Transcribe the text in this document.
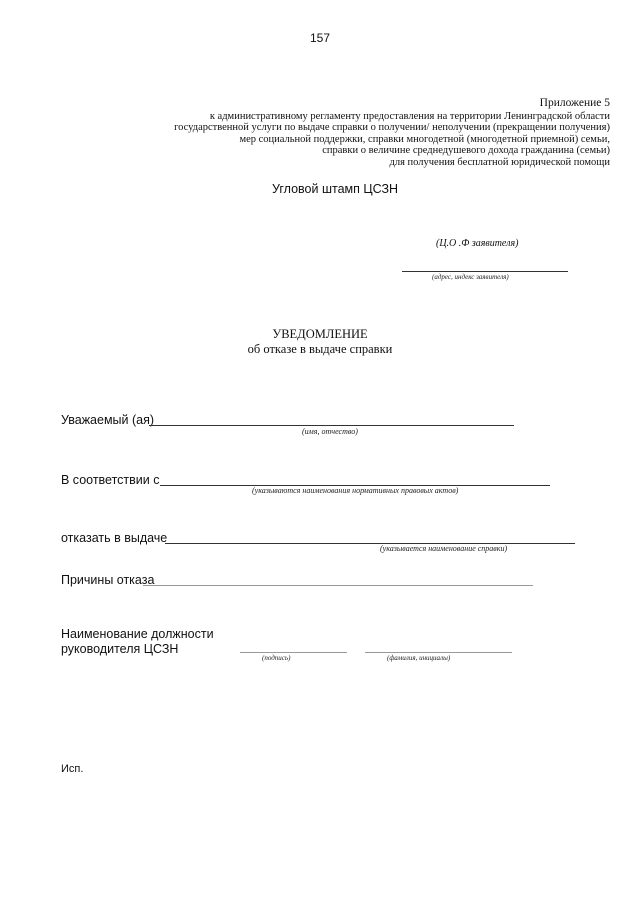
157
Приложение 5
к административному регламенту предоставления на территории Ленинградской области
государственной услуги по выдаче справки о получении/ неполучении (прекращении получения)
мер социальной поддержки, справки многодетной (многодетной приемной) семьи,
справки о величине среднедушевого дохода гражданина (семьи)
для получения бесплатной юридической помощи
Угловой штамп ЦСЗН
(Ц.О .Ф заявителя)
(адрес, индекс заявителя)
УВЕДОМЛЕНИЕ
об отказе в выдаче справки
Уважаемый (ая)
(имя, отчество)
В соответствии с
(указываются наименования нормативных правовых актов)
отказать в выдаче
(указывается наименование справки)
Причины отказа
Наименование должности
руководителя ЦСЗН
(подпись)	(фамилия, инициалы)
Исп.
